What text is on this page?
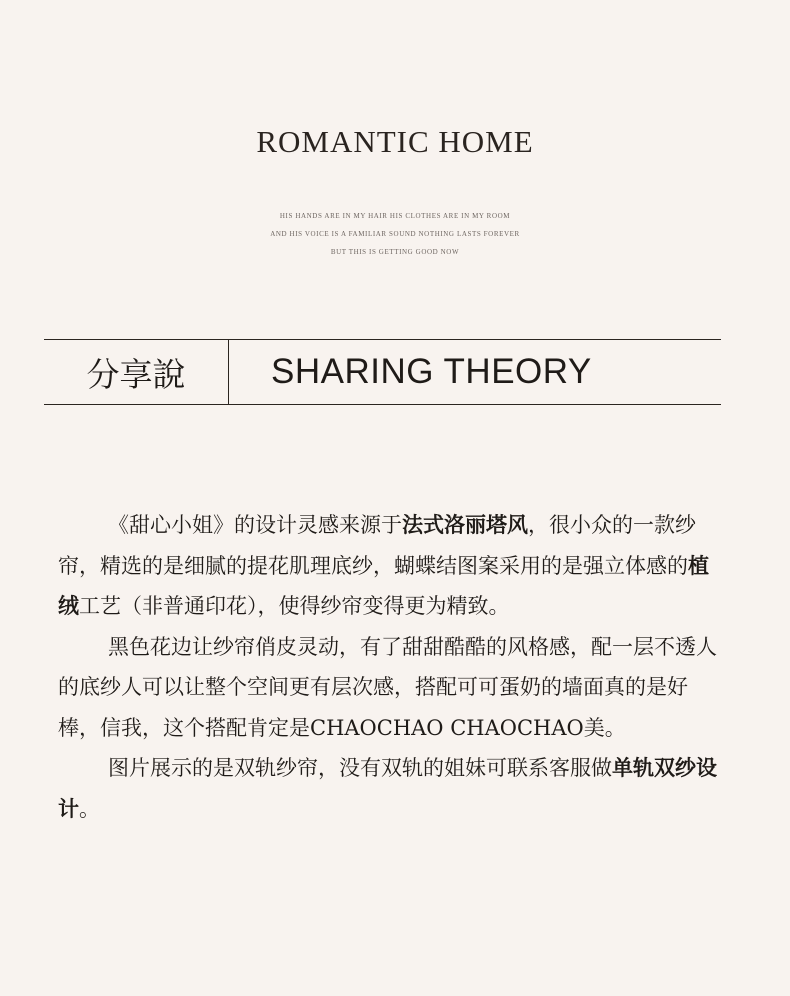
ROMANTIC HOME
HIS HANDS ARE IN MY HAIR HIS CLOTHES ARE IN MY ROOM
AND HIS VOICE IS A FAMILIAR SOUND NOTHING LASTS FOREVER
BUT THIS IS GETTING GOOD NOW
分享說	SHARING THEORY

《甜心小姐》的设计灵感来源于法式洛丽塔风，很小众的一款纱帘，精选的是细腻的提花肌理底纱，蝴蝶结图案采用的是强立体感的植绒工艺（非普通印花），使得纱帘变得更为精致。

黑色花边让纱帘俏皮灵动，有了甜甜酷酷的风格感，配一层不透人的底纱人可以让整个空间更有层次感，搭配可可蛋奶的墙面真的是好棒，信我，这个搭配肯定是CHAOCHAO CHAOCHAO美。

图片展示的是双轨纱帘，没有双轨的姐妹可联系客服做单轨双纱设计。
